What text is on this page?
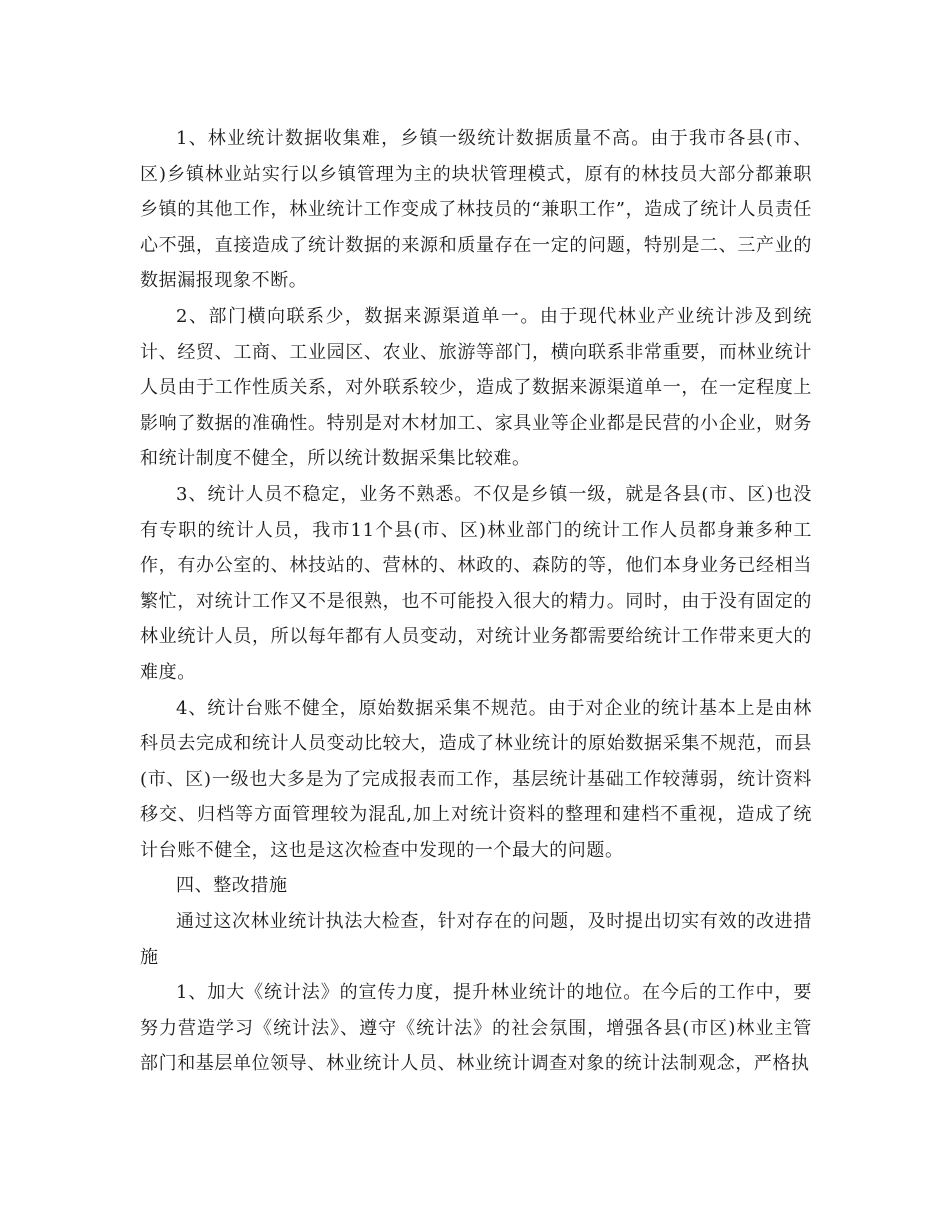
1、林业统计数据收集难，乡镇一级统计数据质量不高。由于我市各县(市、区)乡镇林业站实行以乡镇管理为主的块状管理模式，原有的林技员大部分都兼职乡镇的其他工作，林业统计工作变成了林技员的“兼职工作”，造成了统计人员责任心不强，直接造成了统计数据的来源和质量存在一定的问题，特别是二、三产业的数据漏报现象不断。

2、部门横向联系少，数据来源渠道单一。由于现代林业产业统计涉及到统计、经贸、工商、工业园区、农业、旅游等部门，横向联系非常重要，而林业统计人员由于工作性质关系，对外联系较少，造成了数据来源渠道单一，在一定程度上影响了数据的准确性。特别是对木材加工、家具业等企业都是民营的小企业，财务和统计制度不健全，所以统计数据采集比较难。

3、统计人员不稳定，业务不熟悉。不仅是乡镇一级，就是各县(市、区)也没有专职的统计人员，我市11个县(市、区)林业部门的统计工作人员都身兼多种工作，有办公室的、林技站的、营林的、林政的、森防的等，他们本身业务已经相当繁忙，对统计工作又不是很熟，也不可能投入很大的精力。同时，由于没有固定的林业统计人员，所以每年都有人员变动，对统计业务都需要给统计工作带来更大的难度。

4、统计台账不健全，原始数据采集不规范。由于对企业的统计基本上是由林科员去完成和统计人员变动比较大，造成了林业统计的原始数据采集不规范，而县(市、区)一级也大多是为了完成报表而工作，基层统计基础工作较薄弱，统计资料移交、归档等方面管理较为混乱,加上对统计资料的整理和建档不重视，造成了统计台账不健全，这也是这次检查中发现的一个最大的问题。

四、整改措施

通过这次林业统计执法大检查，针对存在的问题，及时提出切实有效的改进措施

1、加大《统计法》的宣传力度，提升林业统计的地位。在今后的工作中，要努力营造学习《统计法》、遵守《统计法》的社会氛围，增强各县(市区)林业主管部门和基层单位领导、林业统计人员、林业统计调查对象的统计法制观念，严格执
